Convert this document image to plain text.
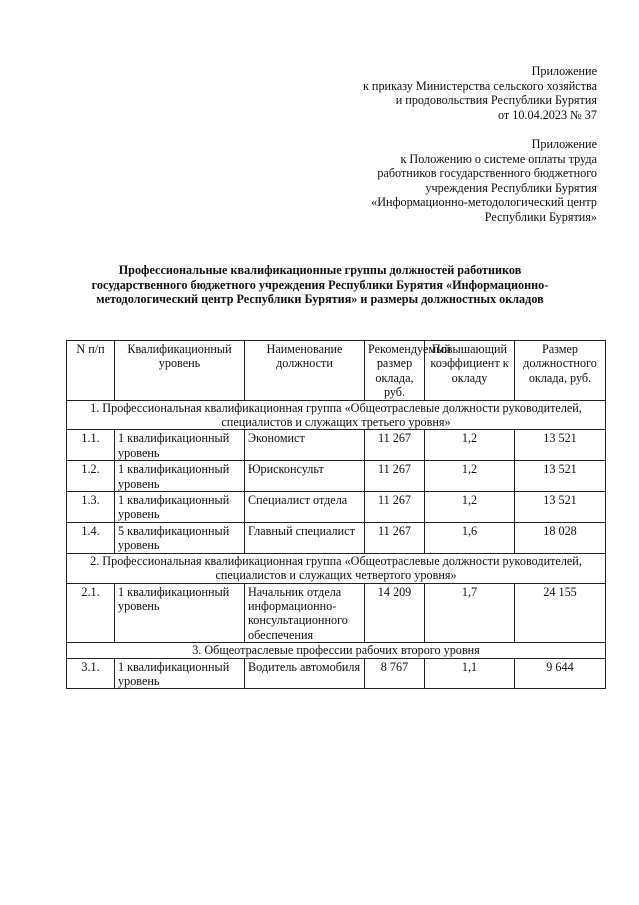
Приложение
к приказу Министерства сельского хозяйства
и продовольствия Республики Бурятия
от 10.04.2023 № 37
Приложение
к Положению о системе оплаты труда
работников государственного бюджетного
учреждения Республики Бурятия
«Информационно-методологический центр
Республики Бурятия»
Профессиональные квалификационные группы должностей работников
государственного бюджетного учреждения Республики Бурятия «Информационно-
методологический центр Республики Бурятия» и размеры должностных окладов
N п/п	Квалификационный уровень	Наименование должности	Рекомендуемый размер оклада, руб.	Повышающий коэффициент к окладу	Размер должностного оклада, руб.
1. Профессиональная квалификационная группа «Общеотраслевые должности руководителей, специалистов и служащих третьего уровня»					
1.1.	1 квалификационный уровень	Экономист	11 267	1,2	13 521
1.2.	1 квалификационный уровень	Юрисконсульт	11 267	1,2	13 521
1.3.	1 квалификационный уровень	Специалист отдела	11 267	1,2	13 521
1.4.	5 квалификационный уровень	Главный специалист	11 267	1,6	18 028
2. Профессиональная квалификационная группа «Общеотраслевые должности руководителей, специалистов и служащих четвертого уровня»					
2.1.	1 квалификационный уровень	Начальник отдела информационно-консультационного обеспечения	14 209	1,7	24 155
3. Общеотраслевые профессии рабочих второго уровня					
3.1.	1 квалификационный уровень	Водитель автомобиля	8 767	1,1	9 644
